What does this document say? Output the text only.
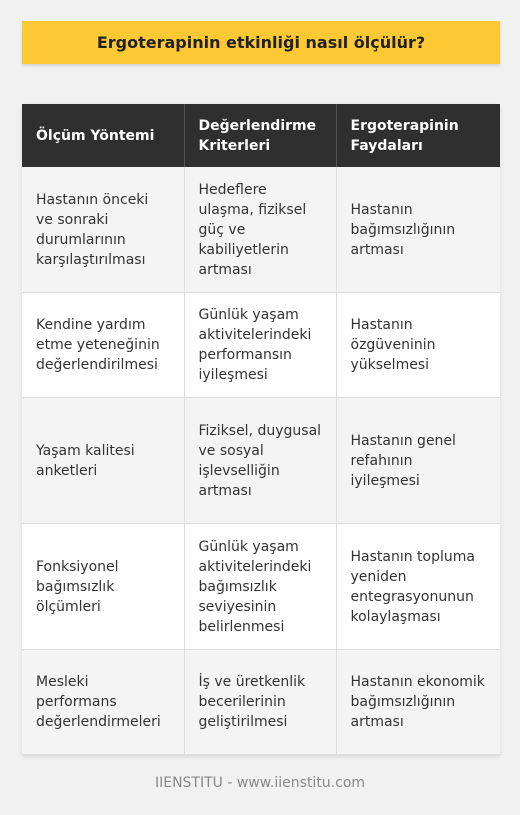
Ergoterapinin etkinliği nasıl ölçülür?
Ölçüm Yöntemi	Değerlendirme Kriterleri	Ergoterapinin Faydaları
Hastanın önceki ve sonraki durumlarının karşılaştırılması	Hedeflere ulaşma, fiziksel güç ve kabiliyetlerin artması	Hastanın bağımsızlığının artması
Kendine yardım etme yeteneğinin değerlendirilmesi	Günlük yaşam aktivitelerindeki performansın iyileşmesi	Hastanın özgüveninin yükselmesi
Yaşam kalitesi anketleri	Fiziksel, duygusal ve sosyal işlevselliğin artması	Hastanın genel refahının iyileşmesi
Fonksiyonel bağımsızlık ölçümleri	Günlük yaşam aktivitelerindeki bağımsızlık seviyesinin belirlenmesi	Hastanın topluma yeniden entegrasyonunun kolaylaşması
Mesleki performans değerlendirmeleri	İş ve üretkenlik becerilerinin geliştirilmesi	Hastanın ekonomik bağımsızlığının artması
IIENSTITU - www.iienstitu.com
